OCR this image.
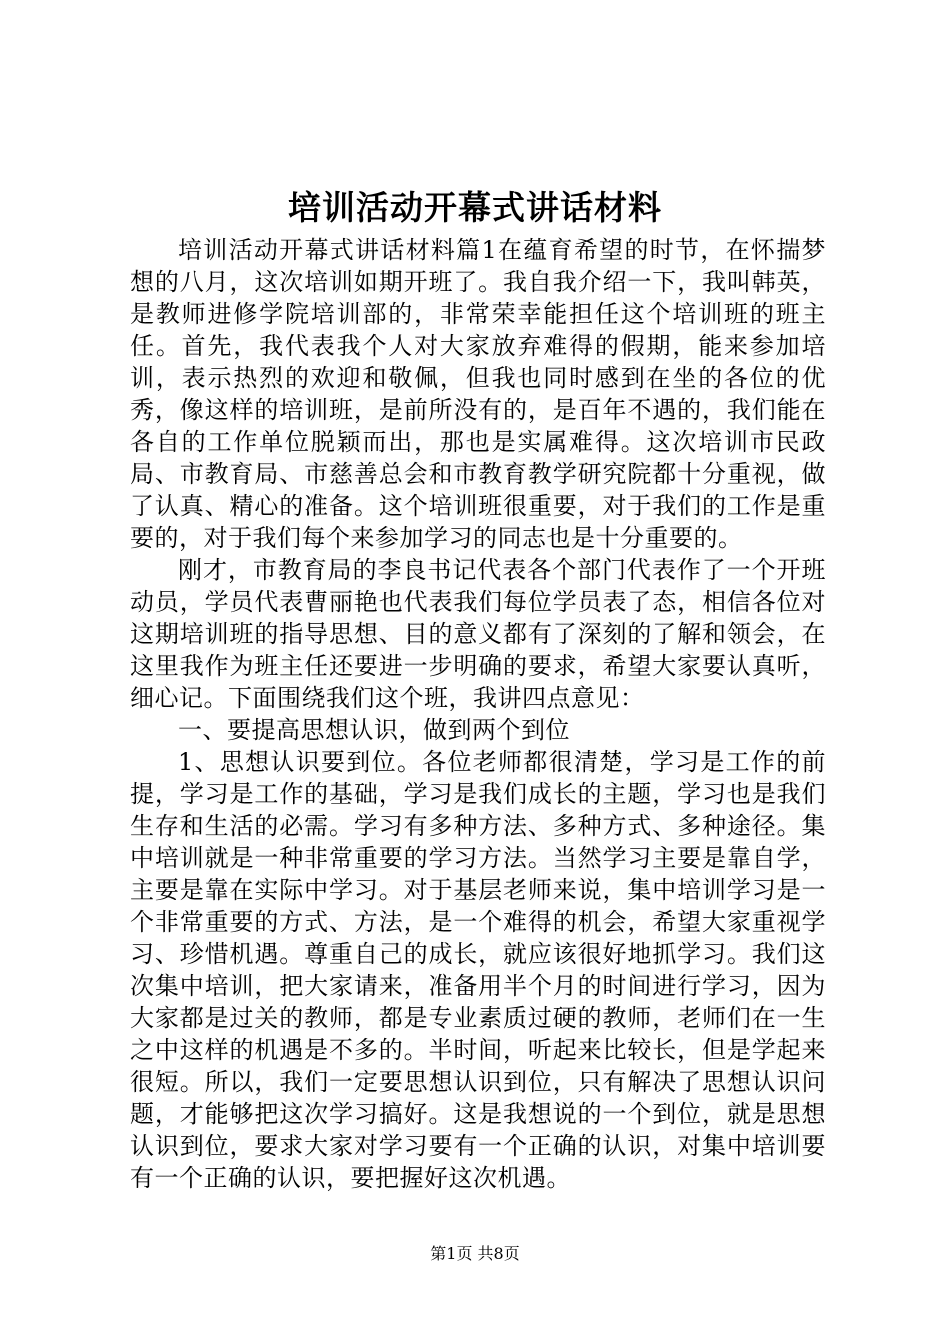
培训活动开幕式讲话材料

培训活动开幕式讲话材料篇1在蕴育希望的时节，在怀揣梦想的八月，这次培训如期开班了。我自我介绍一下，我叫韩英，是教师进修学院培训部的，非常荣幸能担任这个培训班的班主任。首先，我代表我个人对大家放弃难得的假期，能来参加培训，表示热烈的欢迎和敬佩，但我也同时感到在坐的各位的优秀，像这样的培训班，是前所没有的，是百年不遇的，我们能在各自的工作单位脱颖而出，那也是实属难得。这次培训市民政局、市教育局、市慈善总会和市教育教学研究院都十分重视，做了认真、精心的准备。这个培训班很重要，对于我们的工作是重要的，对于我们每个来参加学习的同志也是十分重要的。

刚才，市教育局的李良书记代表各个部门代表作了一个开班动员，学员代表曹丽艳也代表我们每位学员表了态，相信各位对这期培训班的指导思想、目的意义都有了深刻的了解和领会，在这里我作为班主任还要进一步明确的要求，希望大家要认真听，细心记。下面围绕我们这个班，我讲四点意见：

一、要提高思想认识，做到两个到位

1、思想认识要到位。各位老师都很清楚，学习是工作的前提，学习是工作的基础，学习是我们成长的主题，学习也是我们生存和生活的必需。学习有多种方法、多种方式、多种途径。集中培训就是一种非常重要的学习方法。当然学习主要是靠自学，主要是靠在实际中学习。对于基层老师来说，集中培训学习是一个非常重要的方式、方法，是一个难得的机会，希望大家重视学习、珍惜机遇。尊重自己的成长，就应该很好地抓学习。我们这次集中培训，把大家请来，准备用半个月的时间进行学习，因为大家都是过关的教师，都是专业素质过硬的教师，老师们在一生之中这样的机遇是不多的。半时间，听起来比较长，但是学起来很短。所以，我们一定要思想认识到位，只有解决了思想认识问题，才能够把这次学习搞好。这是我想说的一个到位，就是思想认识到位，要求大家对学习要有一个正确的认识，对集中培训要有一个正确的认识，要把握好这次机遇。

第1页 共8页
